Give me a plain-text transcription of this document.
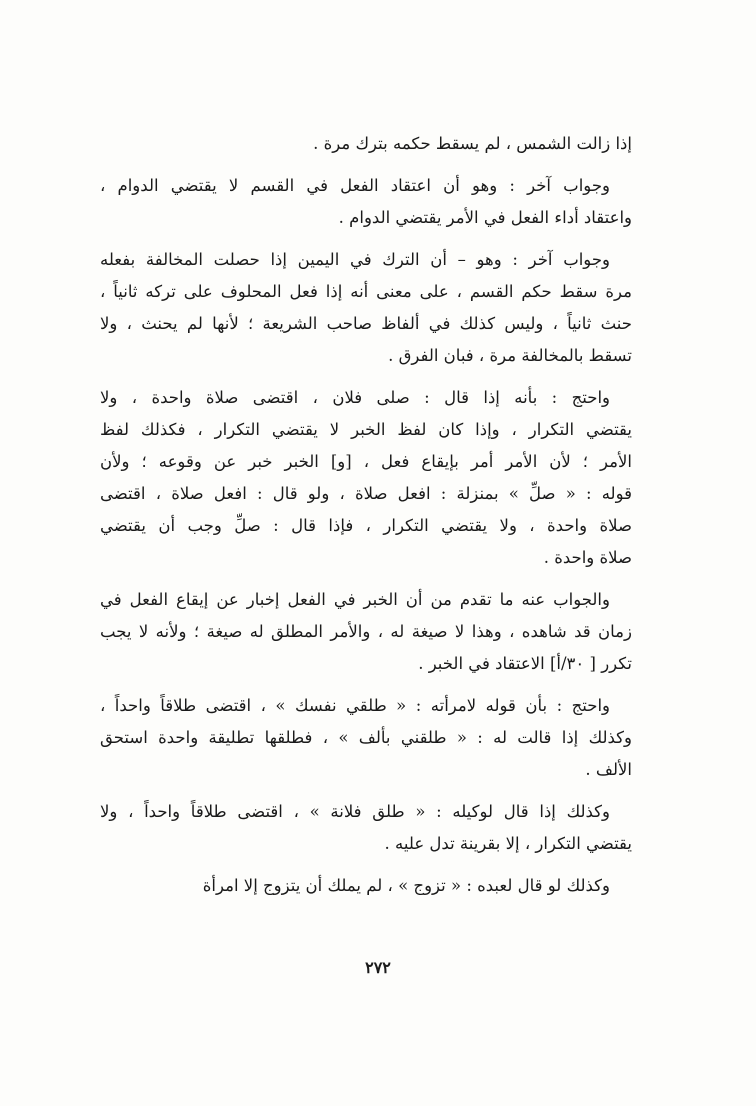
إذا زالت الشمس ، لم يسقط حكمه بترك مرة .
وجواب آخر : وهو أن اعتقاد الفعل في القسم لا يقتضي الدوام ،
واعتقاد أداء الفعل في الأمر يقتضي الدوام .
وجواب آخر : وهو – أن الترك في اليمين إذا حصلت المخالفة بفعله
مرة سقط حكم القسم ، على معنى أنه إذا فعل المحلوف على تركه ثانياً ،
حنث ثانياً ، وليس كذلك في ألفاظ صاحب الشريعة ؛ لأنها لم يحنث ، ولا
تسقط بالمخالفة مرة ، فبان الفرق .
واحتج : بأنه إذا قال : صلى فلان ، اقتضى صلاة واحدة ، ولا
يقتضي التكرار ، وإذا كان لفظ الخبر لا يقتضي التكرار ، فكذلك لفظ
الأمر ؛ لأن الأمر أمر بإيقاع فعل ، [و] الخبر خبر عن وقوعه ؛ ولأن
قوله : « صلِّ » بمنزلة : افعل صلاة ، ولو قال : افعل صلاة ، اقتضى
صلاة واحدة ، ولا يقتضي التكرار ، فإذا قال : صلِّ وجب أن يقتضي
صلاة واحدة .
والجواب عنه ما تقدم من أن الخبر في الفعل إخبار عن إيقاع الفعل في
زمان قد شاهده ، وهذا لا صيغة له ، والأمر المطلق له صيغة ؛ ولأنه لا يجب
تكرر [ ٣٠/أ] الاعتقاد في الخبر .
واحتج : بأن قوله لامرأته : « طلقي نفسك » ، اقتضى طلاقاً واحداً ،
وكذلك إذا قالت له : « طلقني بألف » ، فطلقها تطليقة واحدة استحق
الألف .
وكذلك إذا قال لوكيله : « طلق فلانة » ، اقتضى طلاقاً واحداً ، ولا
يقتضي التكرار ، إلا بقرينة تدل عليه .
وكذلك لو قال لعبده : « تزوج » ، لم يملك أن يتزوج إلا امرأة
٢٧٢
